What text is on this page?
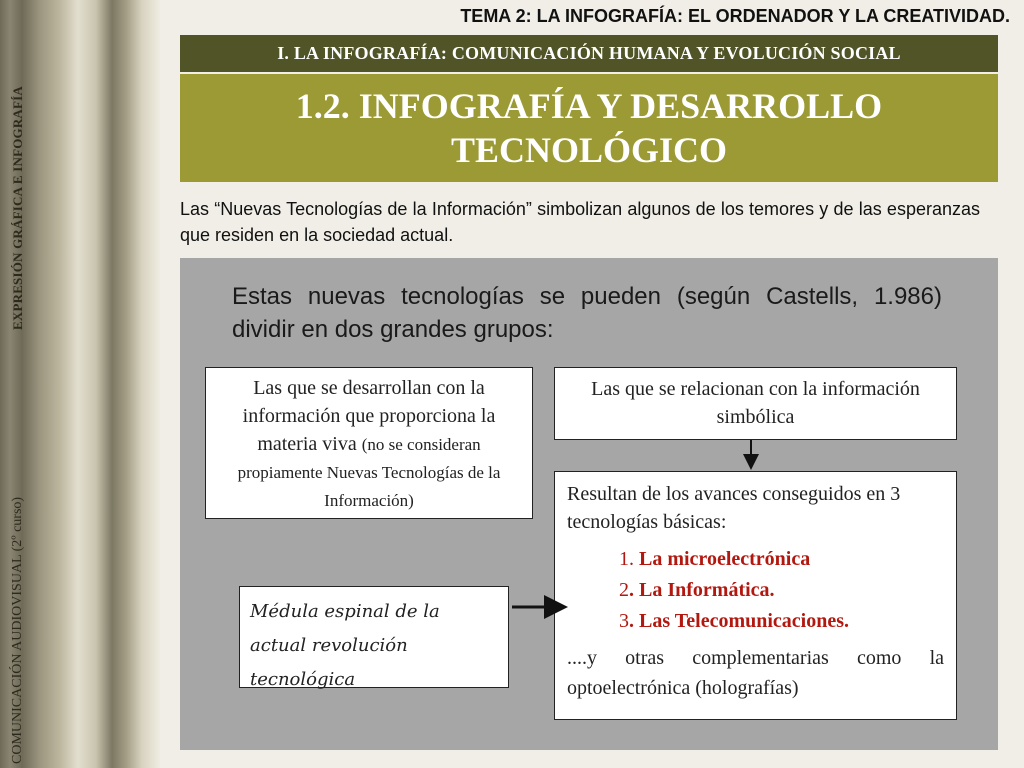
EXPRESIÓN GRÁFICA E INFOGRAFÍA
COMUNICACIÓN AUDIOVISUAL (2º curso)
TEMA 2: LA INFOGRAFÍA: EL ORDENADOR Y LA CREATIVIDAD.
I. LA INFOGRAFÍA: COMUNICACIÓN HUMANA Y EVOLUCIÓN SOCIAL
1.2. INFOGRAFÍA Y DESARROLLO
TECNOLÓGICO
Las “Nuevas Tecnologías de la Información” simbolizan algunos de los temores y de las esperanzas que residen en la sociedad actual.
Estas nuevas tecnologías se pueden (según Castells, 1.986) dividir en dos grandes grupos:
Las que se desarrollan con la información que proporciona la materia viva (no se consideran propiamente Nuevas Tecnologías de la Información)
Las que se relacionan con la información simbólica
Resultan de los avances conseguidos en 3 tecnologías básicas:
1. La microelectrónica
2. La Informática.
3. Las Telecomunicaciones.
....y otras complementarias como la optoelectrónica (holografías)
Médula espinal de la actual revolución tecnológica
